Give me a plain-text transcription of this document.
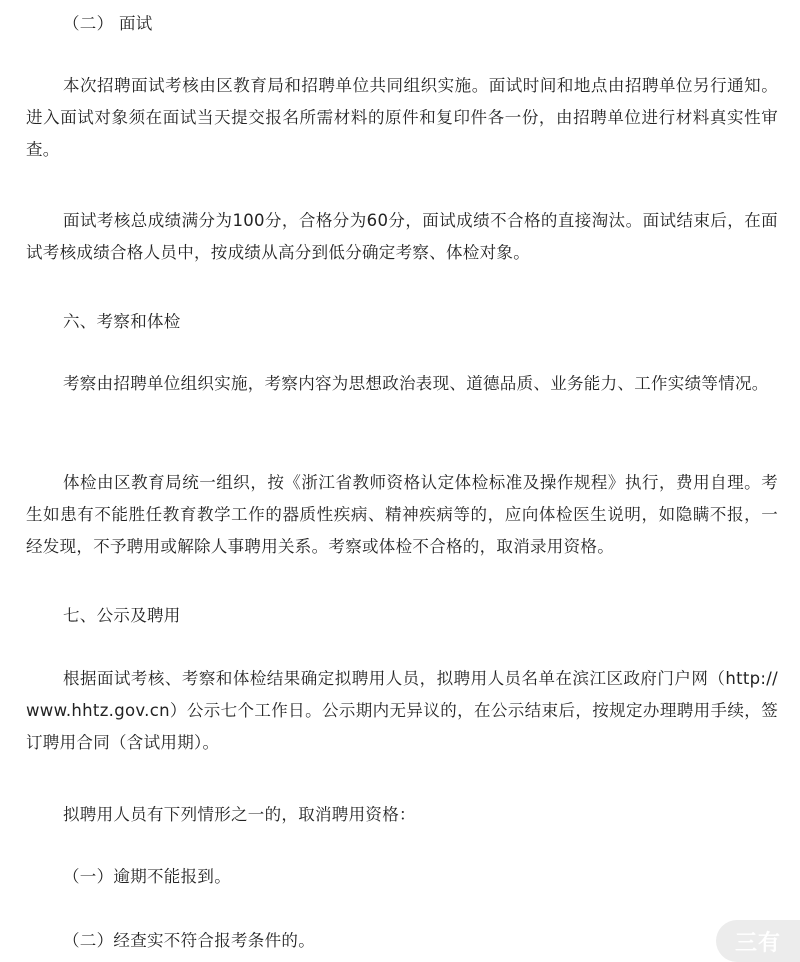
（二） 面试

本次招聘面试考核由区教育局和招聘单位共同组织实施。面试时间和地点由招聘单位另行通知。进入面试对象须在面试当天提交报名所需材料的原件和复印件各一份，由招聘单位进行材料真实性审查。

面试考核总成绩满分为100分，合格分为60分，面试成绩不合格的直接淘汰。面试结束后，在面试考核成绩合格人员中，按成绩从高分到低分确定考察、体检对象。

六、考察和体检

考察由招聘单位组织实施，考察内容为思想政治表现、道德品质、业务能力、工作实绩等情况。

体检由区教育局统一组织，按《浙江省教师资格认定体检标准及操作规程》执行，费用自理。考生如患有不能胜任教育教学工作的器质性疾病、精神疾病等的，应向体检医生说明，如隐瞒不报，一经发现，不予聘用或解除人事聘用关系。考察或体检不合格的，取消录用资格。

七、公示及聘用

根据面试考核、考察和体检结果确定拟聘用人员，拟聘用人员名单在滨江区政府门户网（http://www.hhtz.gov.cn）公示七个工作日。公示期内无异议的，在公示结束后，按规定办理聘用手续，签订聘用合同（含试用期）。

拟聘用人员有下列情形之一的，取消聘用资格：

（一）逾期不能报到。

（二）经查实不符合报考条件的。	三有
